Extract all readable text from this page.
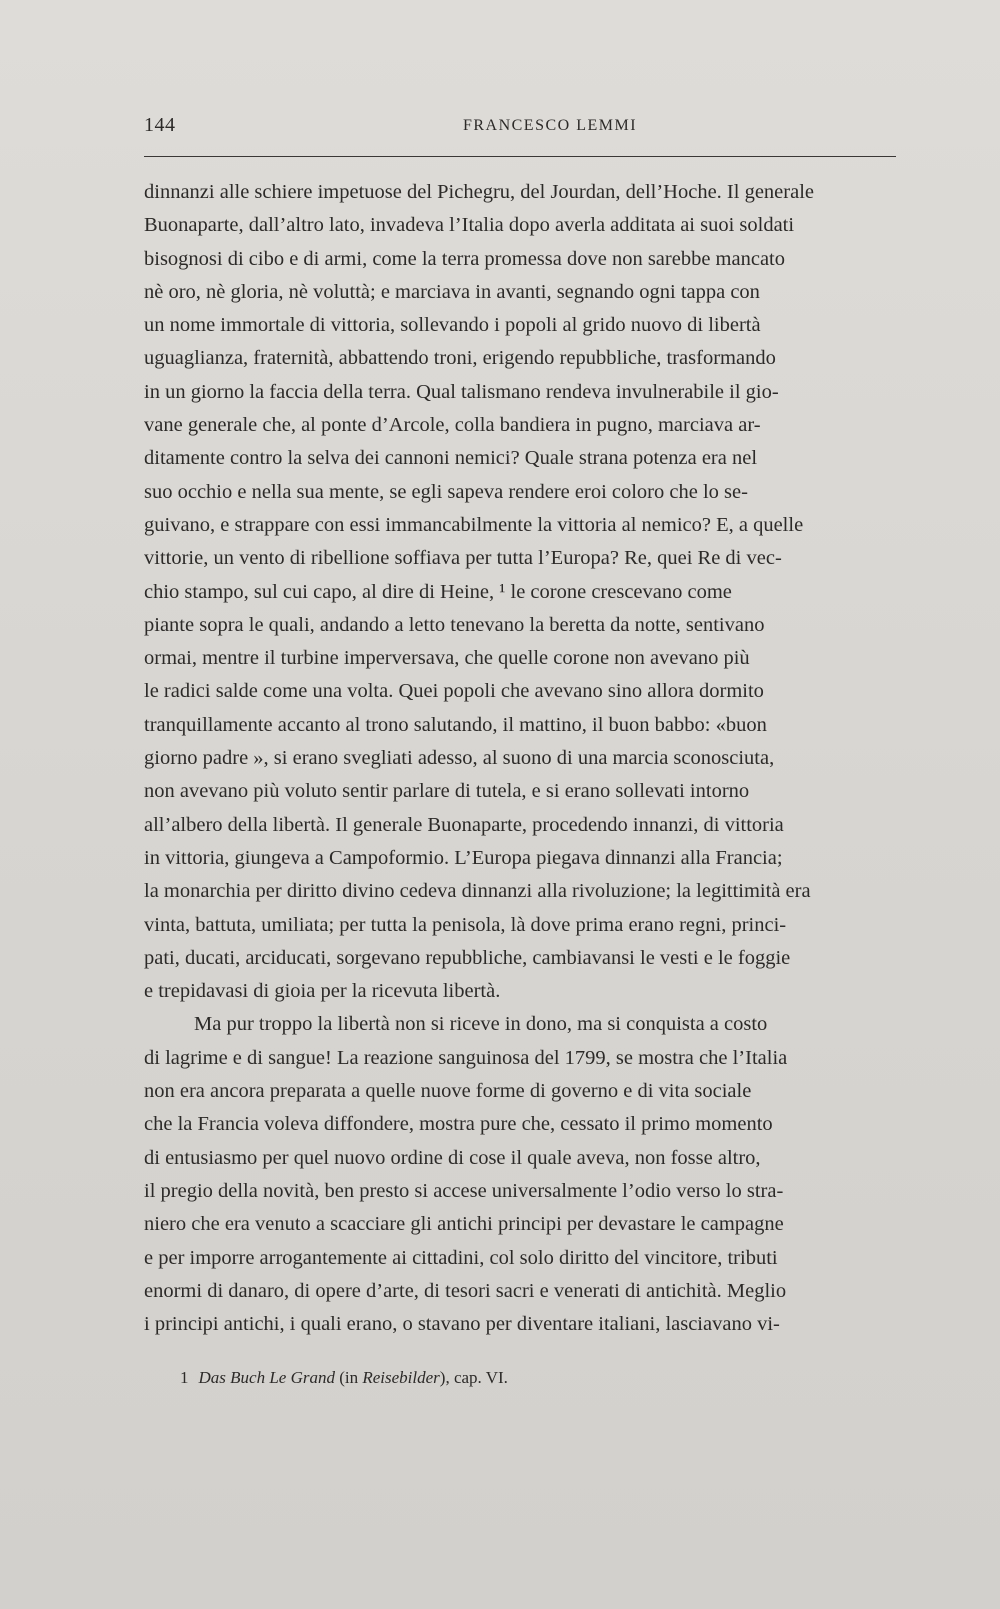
144	FRANCESCO LEMMI
dinnanzi alle schiere impetuose del Pichegru, del Jourdan, dell’Hoche. Il generale
Buonaparte, dall’altro lato, invadeva l’Italia dopo averla additata ai suoi soldati
bisognosi di cibo e di armi, come la terra promessa dove non sarebbe mancato
nè oro, nè gloria, nè voluttà; e marciava in avanti, segnando ogni tappa con
un nome immortale di vittoria, sollevando i popoli al grido nuovo di libertà
uguaglianza, fraternità, abbattendo troni, erigendo repubbliche, trasformando
in un giorno la faccia della terra. Qual talismano rendeva invulnerabile il gio-
vane generale che, al ponte d’Arcole, colla bandiera in pugno, marciava ar-
ditamente contro la selva dei cannoni nemici? Quale strana potenza era nel
suo occhio e nella sua mente, se egli sapeva rendere eroi coloro che lo se-
guivano, e strappare con essi immancabilmente la vittoria al nemico? E, a quelle
vittorie, un vento di ribellione soffiava per tutta l’Europa? Re, quei Re di vec-
chio stampo, sul cui capo, al dire di Heine, ¹ le corone crescevano come
piante sopra le quali, andando a letto tenevano la beretta da notte, sentivano
ormai, mentre il turbine imperversava, che quelle corone non avevano più
le radici salde come una volta. Quei popoli che avevano sino allora dormito
tranquillamente accanto al trono salutando, il mattino, il buon babbo: «buon
giorno padre », si erano svegliati adesso, al suono di una marcia sconosciuta,
non avevano più voluto sentir parlare di tutela, e si erano sollevati intorno
all’albero della libertà. Il generale Buonaparte, procedendo innanzi, di vittoria
in vittoria, giungeva a Campoformio. L’Europa piegava dinnanzi alla Francia;
la monarchia per diritto divino cedeva dinnanzi alla rivoluzione; la legittimità era
vinta, battuta, umiliata; per tutta la penisola, là dove prima erano regni, princi-
pati, ducati, arciducati, sorgevano repubbliche, cambiavansi le vesti e le foggie
e trepidavasi di gioia per la ricevuta libertà.
Ma pur troppo la libertà non si riceve in dono, ma si conquista a costo
di lagrime e di sangue! La reazione sanguinosa del 1799, se mostra che l’Italia
non era ancora preparata a quelle nuove forme di governo e di vita sociale
che la Francia voleva diffondere, mostra pure che, cessato il primo momento
di entusiasmo per quel nuovo ordine di cose il quale aveva, non fosse altro,
il pregio della novità, ben presto si accese universalmente l’odio verso lo stra-
niero che era venuto a scacciare gli antichi principi per devastare le campagne
e per imporre arrogantemente ai cittadini, col solo diritto del vincitore, tributi
enormi di danaro, di opere d’arte, di tesori sacri e venerati di antichità. Meglio
i principi antichi, i quali erano, o stavano per diventare italiani, lasciavano vi-
1 Das Buch Le Grand (in Reisebilder), cap. VI.
